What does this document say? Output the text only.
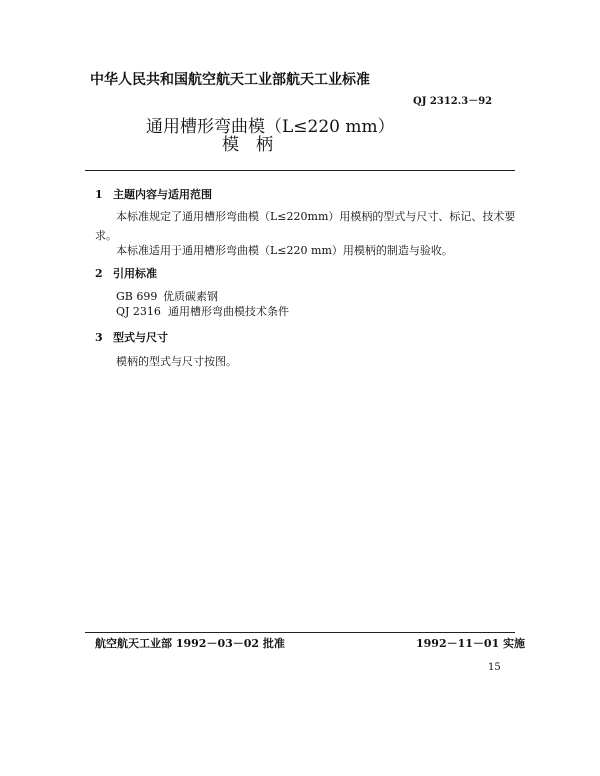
中华人民共和国航空航天工业部航天工业标准
QJ 2312.3－92
通用槽形弯曲模（L≤220 mm）
模　柄
1 主题内容与适用范围
本标准规定了通用槽形弯曲模（L≤220mm）用模柄的型式与尺寸、标记、技术要
求。
本标准适用于通用槽形弯曲模（L≤220 mm）用模柄的制造与验收。
2 引用标准
GB 699 优质碳素钢
QJ 2316 通用槽形弯曲模技术条件
3 型式与尺寸
模柄的型式与尺寸按图。
航空航天工业部 1992－03－02 批准	1992－11－01 实施
15
